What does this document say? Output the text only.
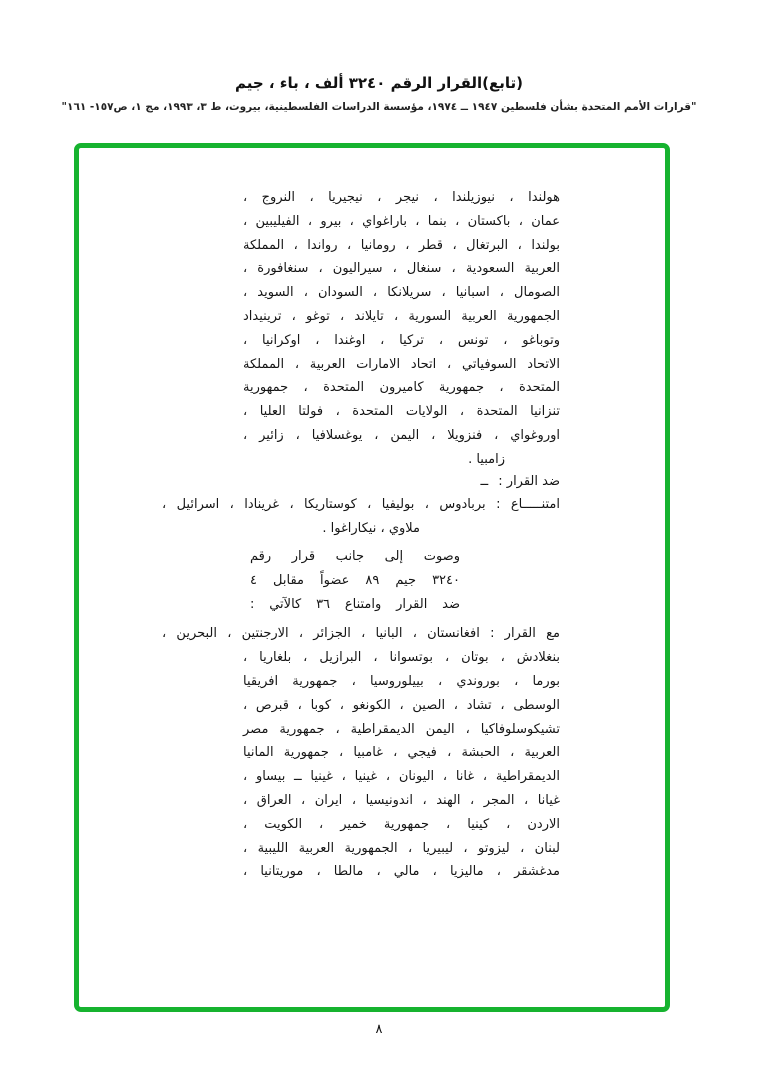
(تابع)القرار الرقم ٣٢٤٠ ألف ، باء ، جيم
"قرارات الأمم المتحدة بشأن فلسطين ١٩٤٧ ــ ١٩٧٤، مؤسسة الدراسات الفلسطينية، بيروت، ط ٣، ١٩٩٣، مج ١، ص١٥٧- ١٦١"
هولندا ، نيوزيلندا ، نيجر ، نيجيريا ، النروج ،
عمان ، باكستان ، بنما ، باراغواي ، بيرو ، الفيليبين ،
بولندا ، البرتغال ، قطر ، رومانيا ، رواندا ، المملكة
العربية السعودية ، سنغال ، سيراليون ، سنغافورة ،
الصومال ، اسبانيا ، سريلانكا ، السودان ، السويد ،
الجمهورية العربية السورية ، تايلاند ، توغو ، ترينيداد
وتوباغو ، تونس ، تركيا ، اوغندا ، اوكرانيا ،
الاتحاد السوفياتي ، اتحاد الامارات العربية ، المملكة
المتحدة ، جمهورية كاميرون المتحدة ، جمهورية
تنزانيا المتحدة ، الولايات المتحدة ، فولتا العليا ،
اوروغواي ، فنزويلا ، اليمن ، يوغسلافيا ، زائير ،
زامبيا .
ضد القرار : ــ
امتنـــــاع : بربادوس ، بوليفيا ، كوستاريكا ، غرينادا ، اسرائيل ،
ملاوي ، نيكاراغوا .
وصوت إلى جانب قرار رقم
٣٢٤٠ جيم ٨٩ عضواً مقابل ٤
ضد القرار وامتناع ٣٦ كالآتي :
مع القرار : افغانستان ، البانيا ، الجزائر ، الارجنتين ، البحرين ،
بنغلادش ، بوتان ، بوتسوانا ، البرازيل ، بلغاريا ،
بورما ، بوروندي ، بييلوروسيا ، جمهورية افريقيا
الوسطى ، تشاد ، الصين ، الكونغو ، كوبا ، قبرص ،
تشيكوسلوفاكيا ، اليمن الديمقراطية ، جمهورية مصر
العربية ، الحبشة ، فيجي ، غامبيا ، جمهورية المانيا
الديمقراطية ، غانا ، اليونان ، غينيا ، غينيا ــ بيساو ،
غيانا ، المجر ، الهند ، اندونيسيا ، ايران ، العراق ،
الاردن ، كينيا ، جمهورية خمير ، الكويت ،
لبنان ، ليزوتو ، ليبيريا ، الجمهورية العربية الليبية ،
مدغشقر ، ماليزيا ، مالي ، مالطا ، موريتانيا ،
٨
